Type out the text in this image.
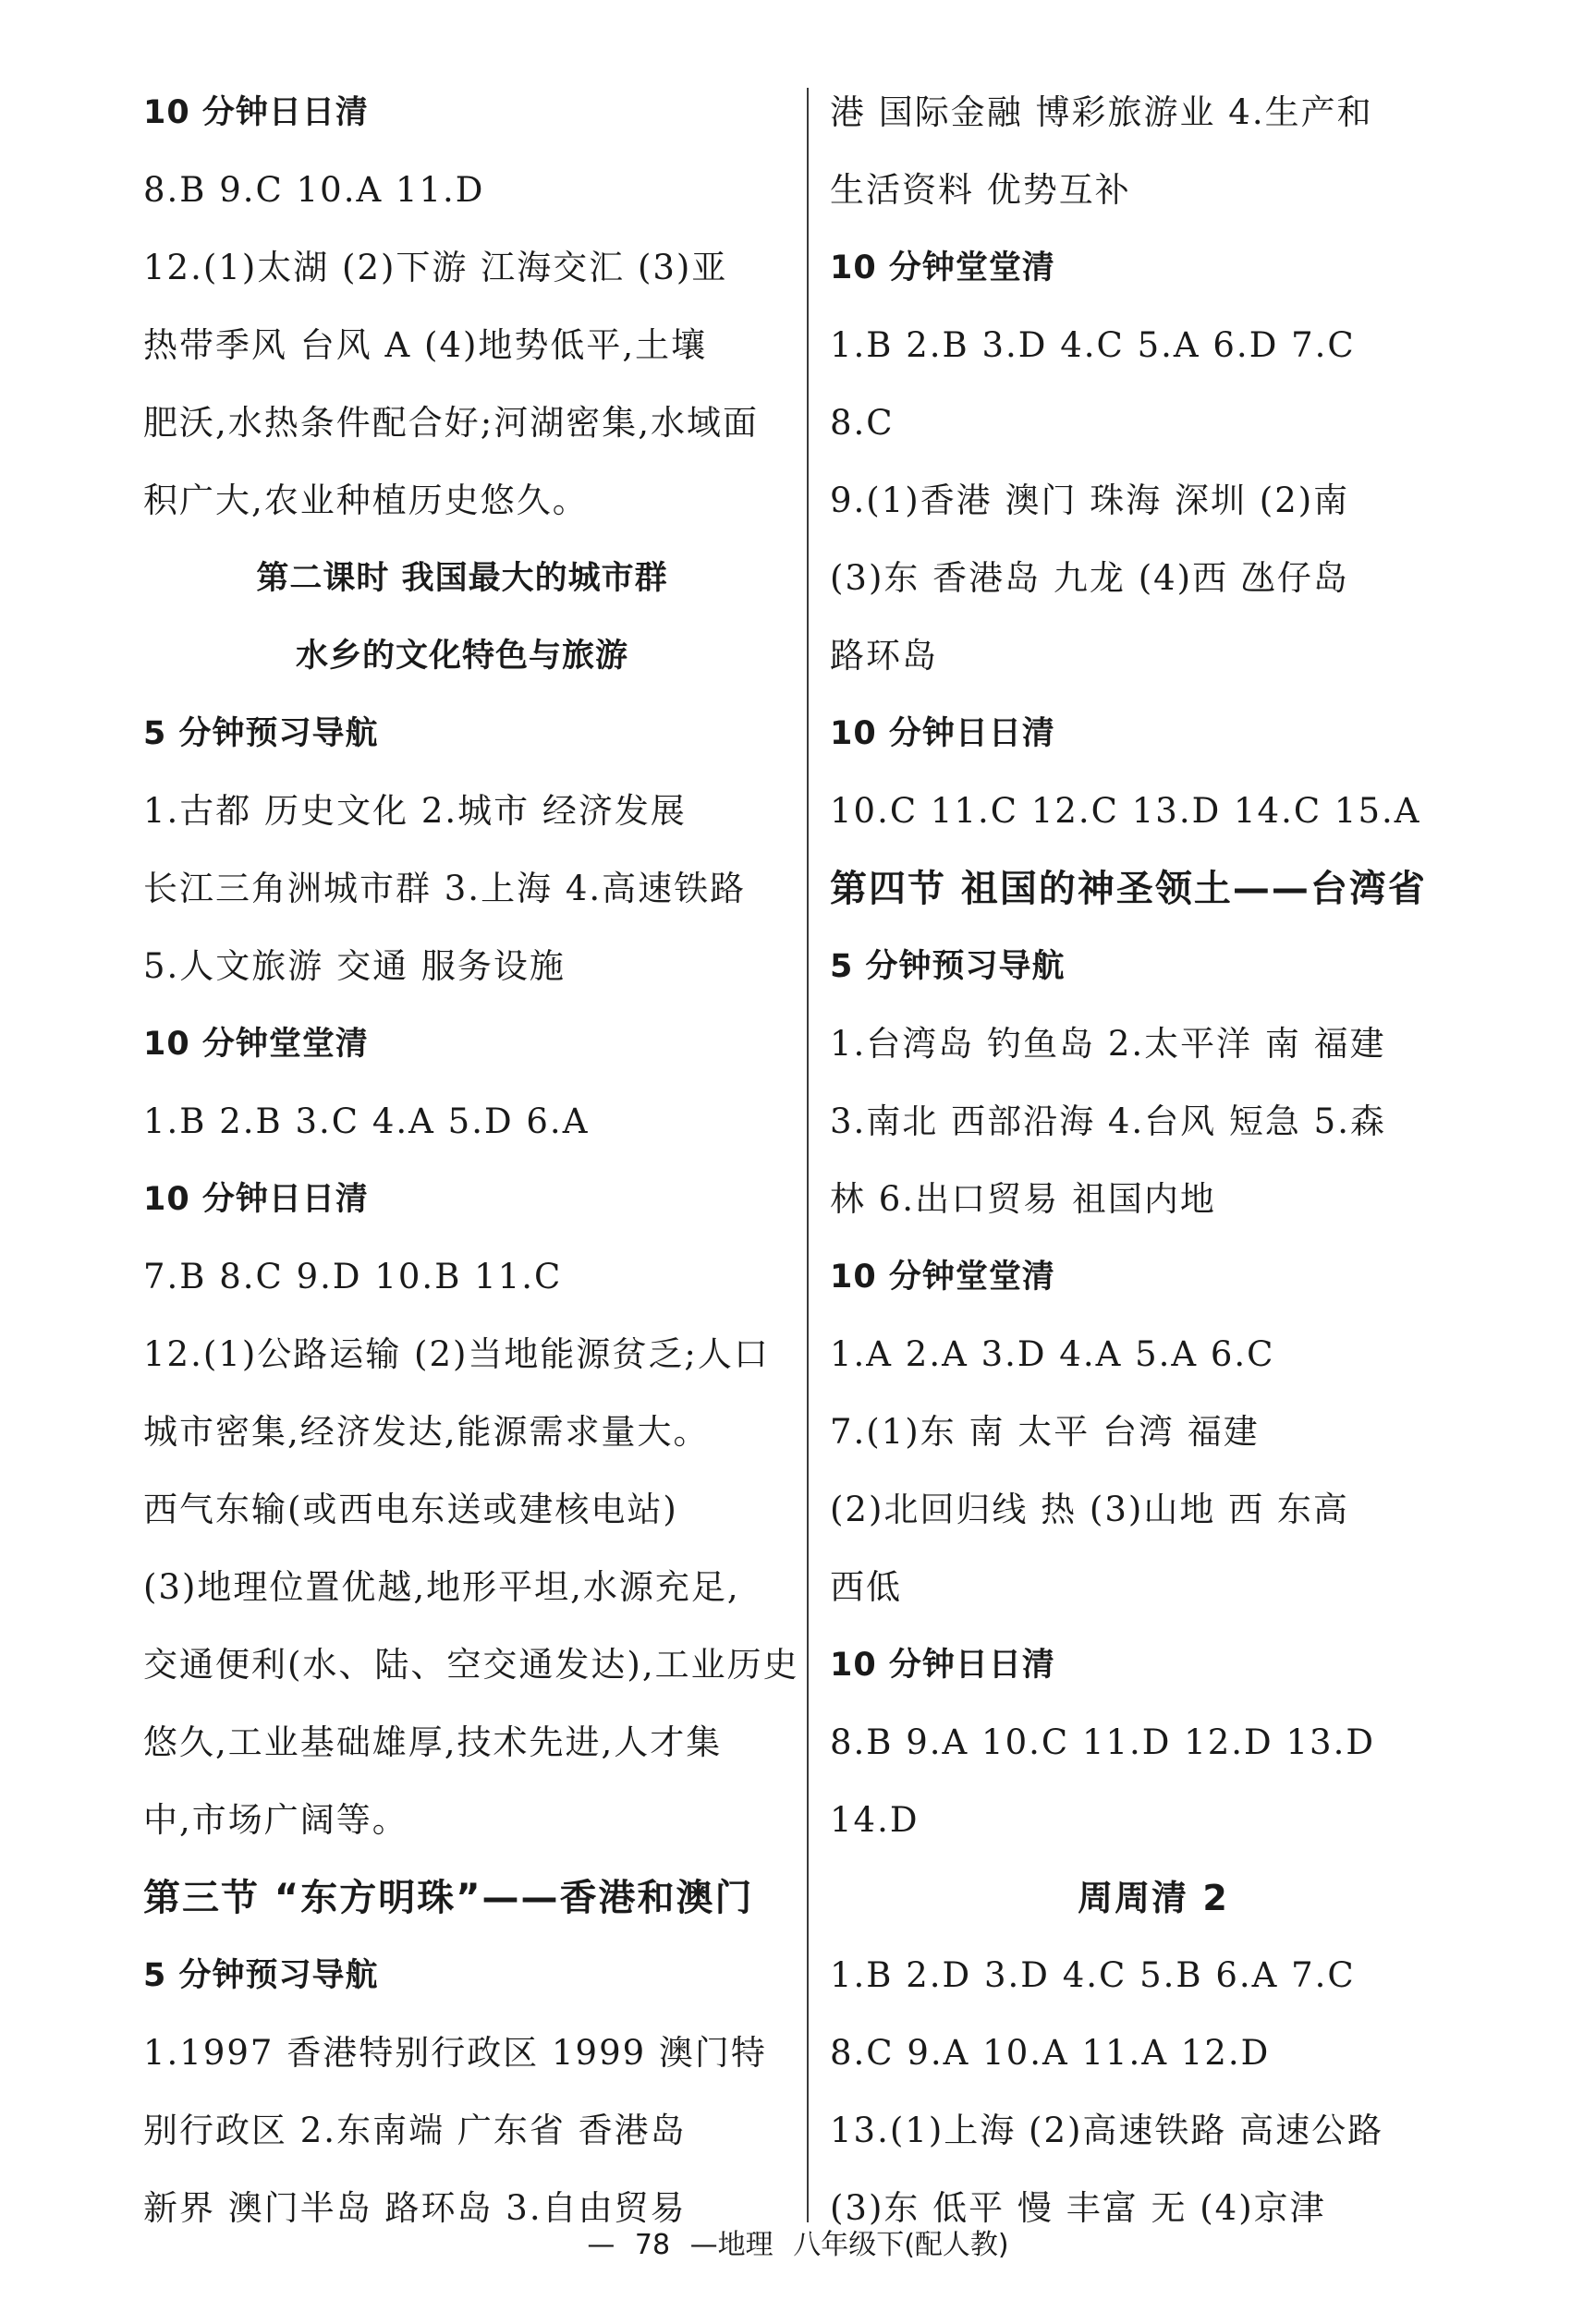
10 分钟日日清
8.B 9.C 10.A 11.D
12.(1)太湖 (2)下游 江海交汇 (3)亚
热带季风 台风 A (4)地势低平,土壤
肥沃,水热条件配合好;河湖密集,水域面
积广大,农业种植历史悠久。
第二课时 我国最大的城市群
水乡的文化特色与旅游
5 分钟预习导航
1.古都 历史文化 2.城市 经济发展
长江三角洲城市群 3.上海 4.高速铁路
5.人文旅游 交通 服务设施
10 分钟堂堂清
1.B 2.B 3.C 4.A 5.D 6.A
10 分钟日日清
7.B 8.C 9.D 10.B 11.C
12.(1)公路运输 (2)当地能源贫乏;人口
城市密集,经济发达,能源需求量大。
西气东输(或西电东送或建核电站)
(3)地理位置优越,地形平坦,水源充足,
交通便利(水、陆、空交通发达),工业历史
悠久,工业基础雄厚,技术先进,人才集
中,市场广阔等。
第三节 “东方明珠”——香港和澳门
5 分钟预习导航
1.1997 香港特别行政区 1999 澳门特
别行政区 2.东南端 广东省 香港岛
新界 澳门半岛 路环岛 3.自由贸易
港 国际金融 博彩旅游业 4.生产和
生活资料 优势互补
10 分钟堂堂清
1.B 2.B 3.D 4.C 5.A 6.D 7.C
8.C
9.(1)香港 澳门 珠海 深圳 (2)南
(3)东 香港岛 九龙 (4)西 氹仔岛
路环岛
10 分钟日日清
10.C 11.C 12.C 13.D 14.C 15.A
第四节 祖国的神圣领土——台湾省
5 分钟预习导航
1.台湾岛 钓鱼岛 2.太平洋 南 福建
3.南北 西部沿海 4.台风 短急 5.森
林 6.出口贸易 祖国内地
10 分钟堂堂清
1.A 2.A 3.D 4.A 5.A 6.C
7.(1)东 南 太平 台湾 福建
(2)北回归线 热 (3)山地 西 东高
西低
10 分钟日日清
8.B 9.A 10.C 11.D 12.D 13.D
14.D
周周清 2
1.B 2.D 3.D 4.C 5.B 6.A 7.C
8.C 9.A 10.A 11.A 12.D
13.(1)上海 (2)高速铁路 高速公路
(3)东 低平 慢 丰富 无 (4)京津
— 78 —地理 八年级下(配人教)
